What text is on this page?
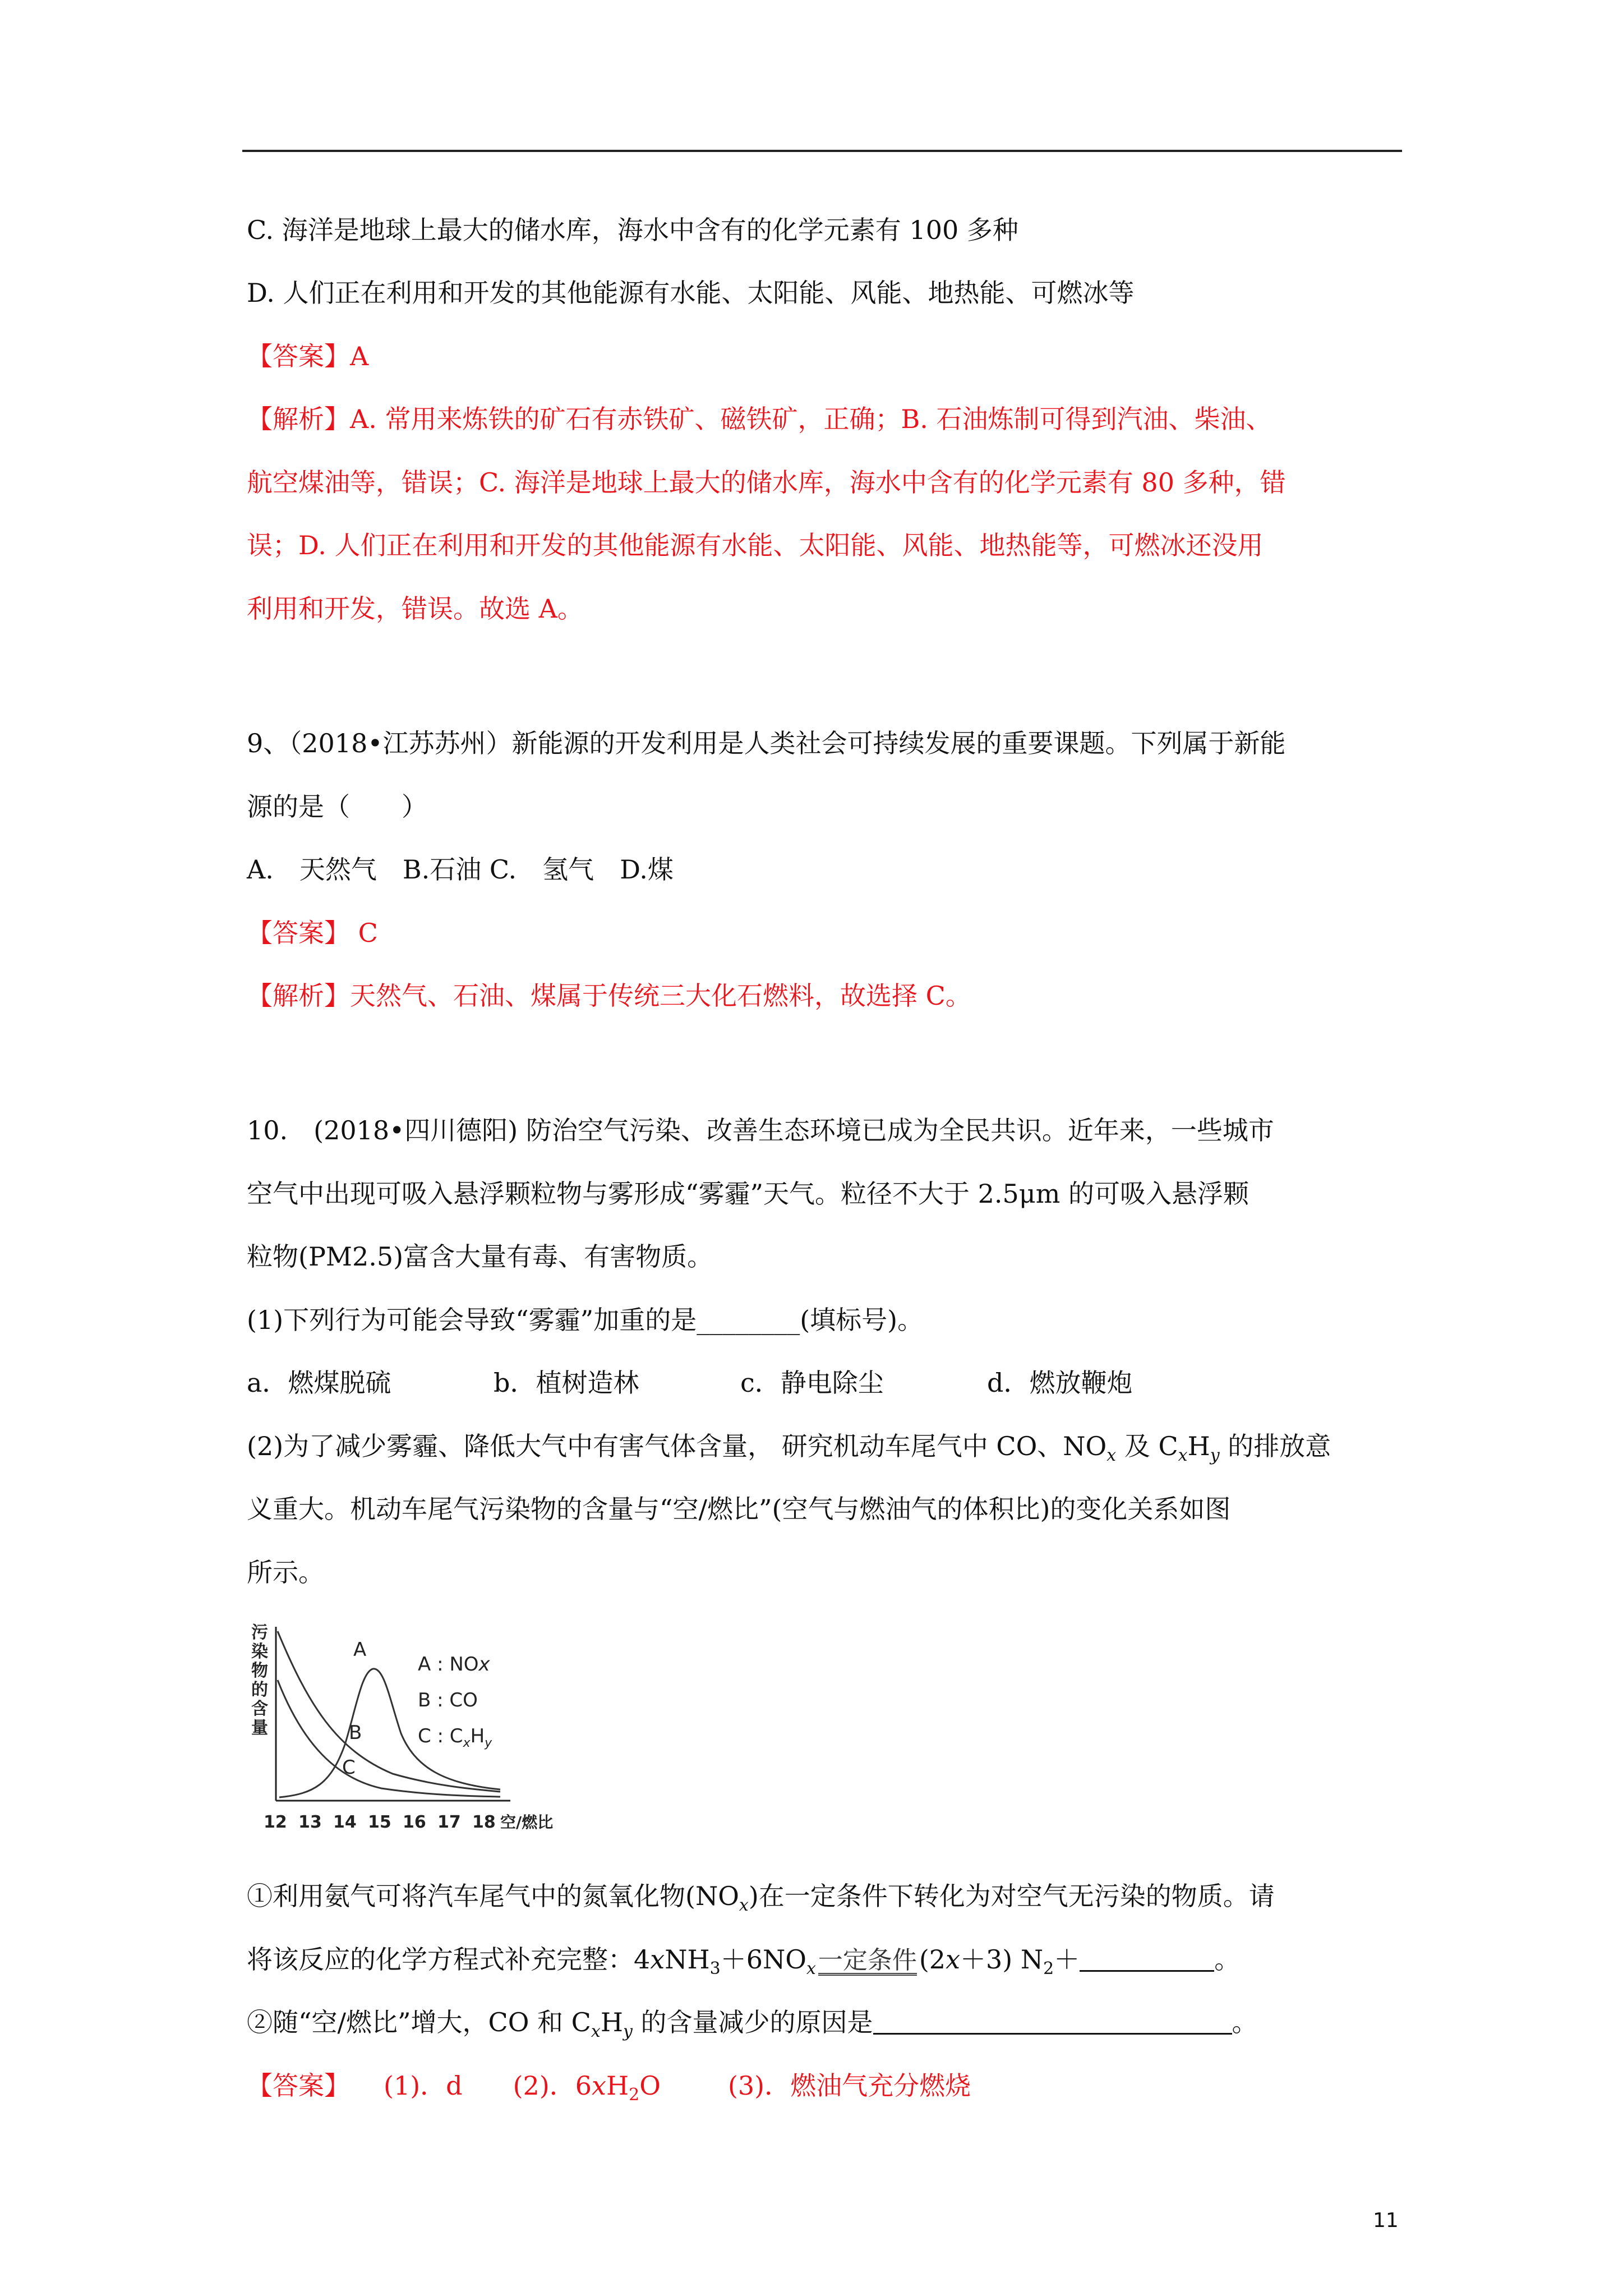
C. 海洋是地球上最大的储水库，海水中含有的化学元素有 100 多种
D. 人们正在利用和开发的其他能源有水能、太阳能、风能、地热能、可燃冰等
【答案】A
【解析】A. 常用来炼铁的矿石有赤铁矿、磁铁矿，正确；B. 石油炼制可得到汽油、柴油、
航空煤油等，错误；C. 海洋是地球上最大的储水库，海水中含有的化学元素有 80 多种，错
误；D. 人们正在利用和开发的其他能源有水能、太阳能、风能、地热能等，可燃冰还没用
利用和开发，错误。故选 A。
9、（2018•江苏苏州）新能源的开发利用是人类社会可持续发展的重要课题。下列属于新能
源的是（　　）
A.　天然气　B.石油 C.　氢气　D.煤
【答案】 C
【解析】天然气、石油、煤属于传统三大化石燃料，故选择 C。
10.　(2018•四川德阳) 防治空气污染、改善生态环境已成为全民共识。近年来，一些城市
空气中出现可吸入悬浮颗粒物与雾形成“雾霾”天气。粒径不大于 2.5μm 的可吸入悬浮颗
粒物(PM2.5)富含大量有毒、有害物质。
(1)下列行为可能会导致“雾霾”加重的是________(填标号)。
a．燃煤脱硫	b．植树造林	c．静电除尘	d．燃放鞭炮
(2)为了减少雾霾、降低大气中有害气体含量， 研究机动车尾气中 CO、$NO_x$ 及 $C_xH_y$ 的排放意
义重大。机动车尾气污染物的含量与“空/燃比”(空气与燃油气的体积比)的变化关系如图
所示。
污染物的含量
A
B
C
A : NOx
B : CO
C : $C_xH_y$
12 13 14 15 16 17 18 空/燃比
①利用氨气可将汽车尾气中的氮氧化物$(NO_x)$在一定条件下转化为对空气无污染的物质。请
将该反应的化学方程式补充完整：$4xNH_3+6NO_x$一定条件(2x＋3) $N_2+$	。
②随“空/燃比”增大，CO 和 $C_xH_y$ 的含量减少的原因是	。
【答案】 (1)．d (2)．$6xH_2O$	(3)．燃油气充分燃烧
11
